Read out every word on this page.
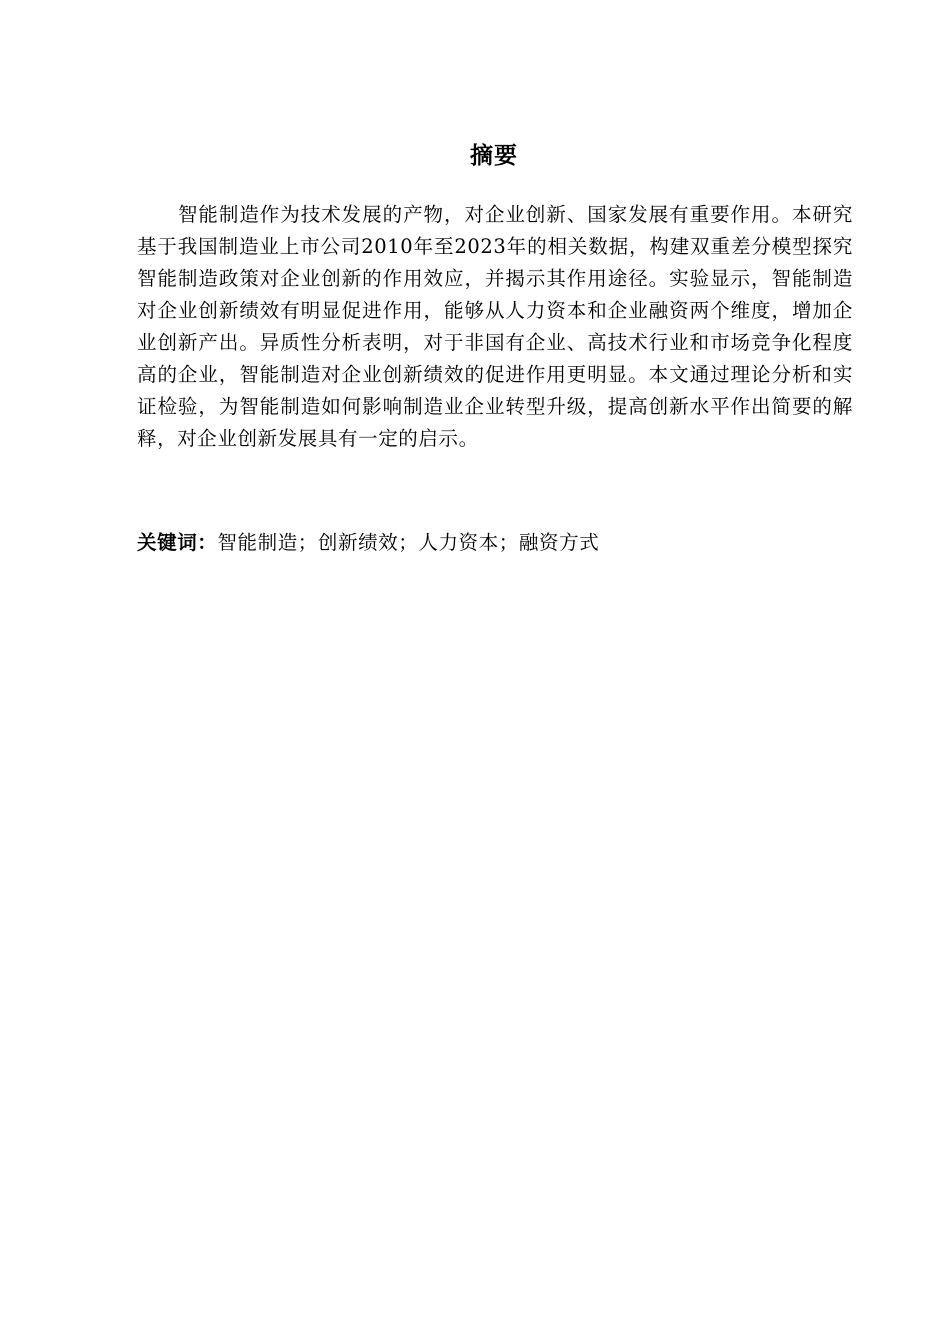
摘要

智能制造作为技术发展的产物，对企业创新、国家发展有重要作用。本研究基于我国制造业上市公司2010年至2023年的相关数据，构建双重差分模型探究智能制造政策对企业创新的作用效应，并揭示其作用途径。实验显示，智能制造对企业创新绩效有明显促进作用，能够从人力资本和企业融资两个维度，增加企业创新产出。异质性分析表明，对于非国有企业、高技术行业和市场竞争化程度高的企业，智能制造对企业创新绩效的促进作用更明显。本文通过理论分析和实证检验，为智能制造如何影响制造业企业转型升级，提高创新水平作出简要的解释，对企业创新发展具有一定的启示。

关键词：智能制造；创新绩效；人力资本；融资方式
